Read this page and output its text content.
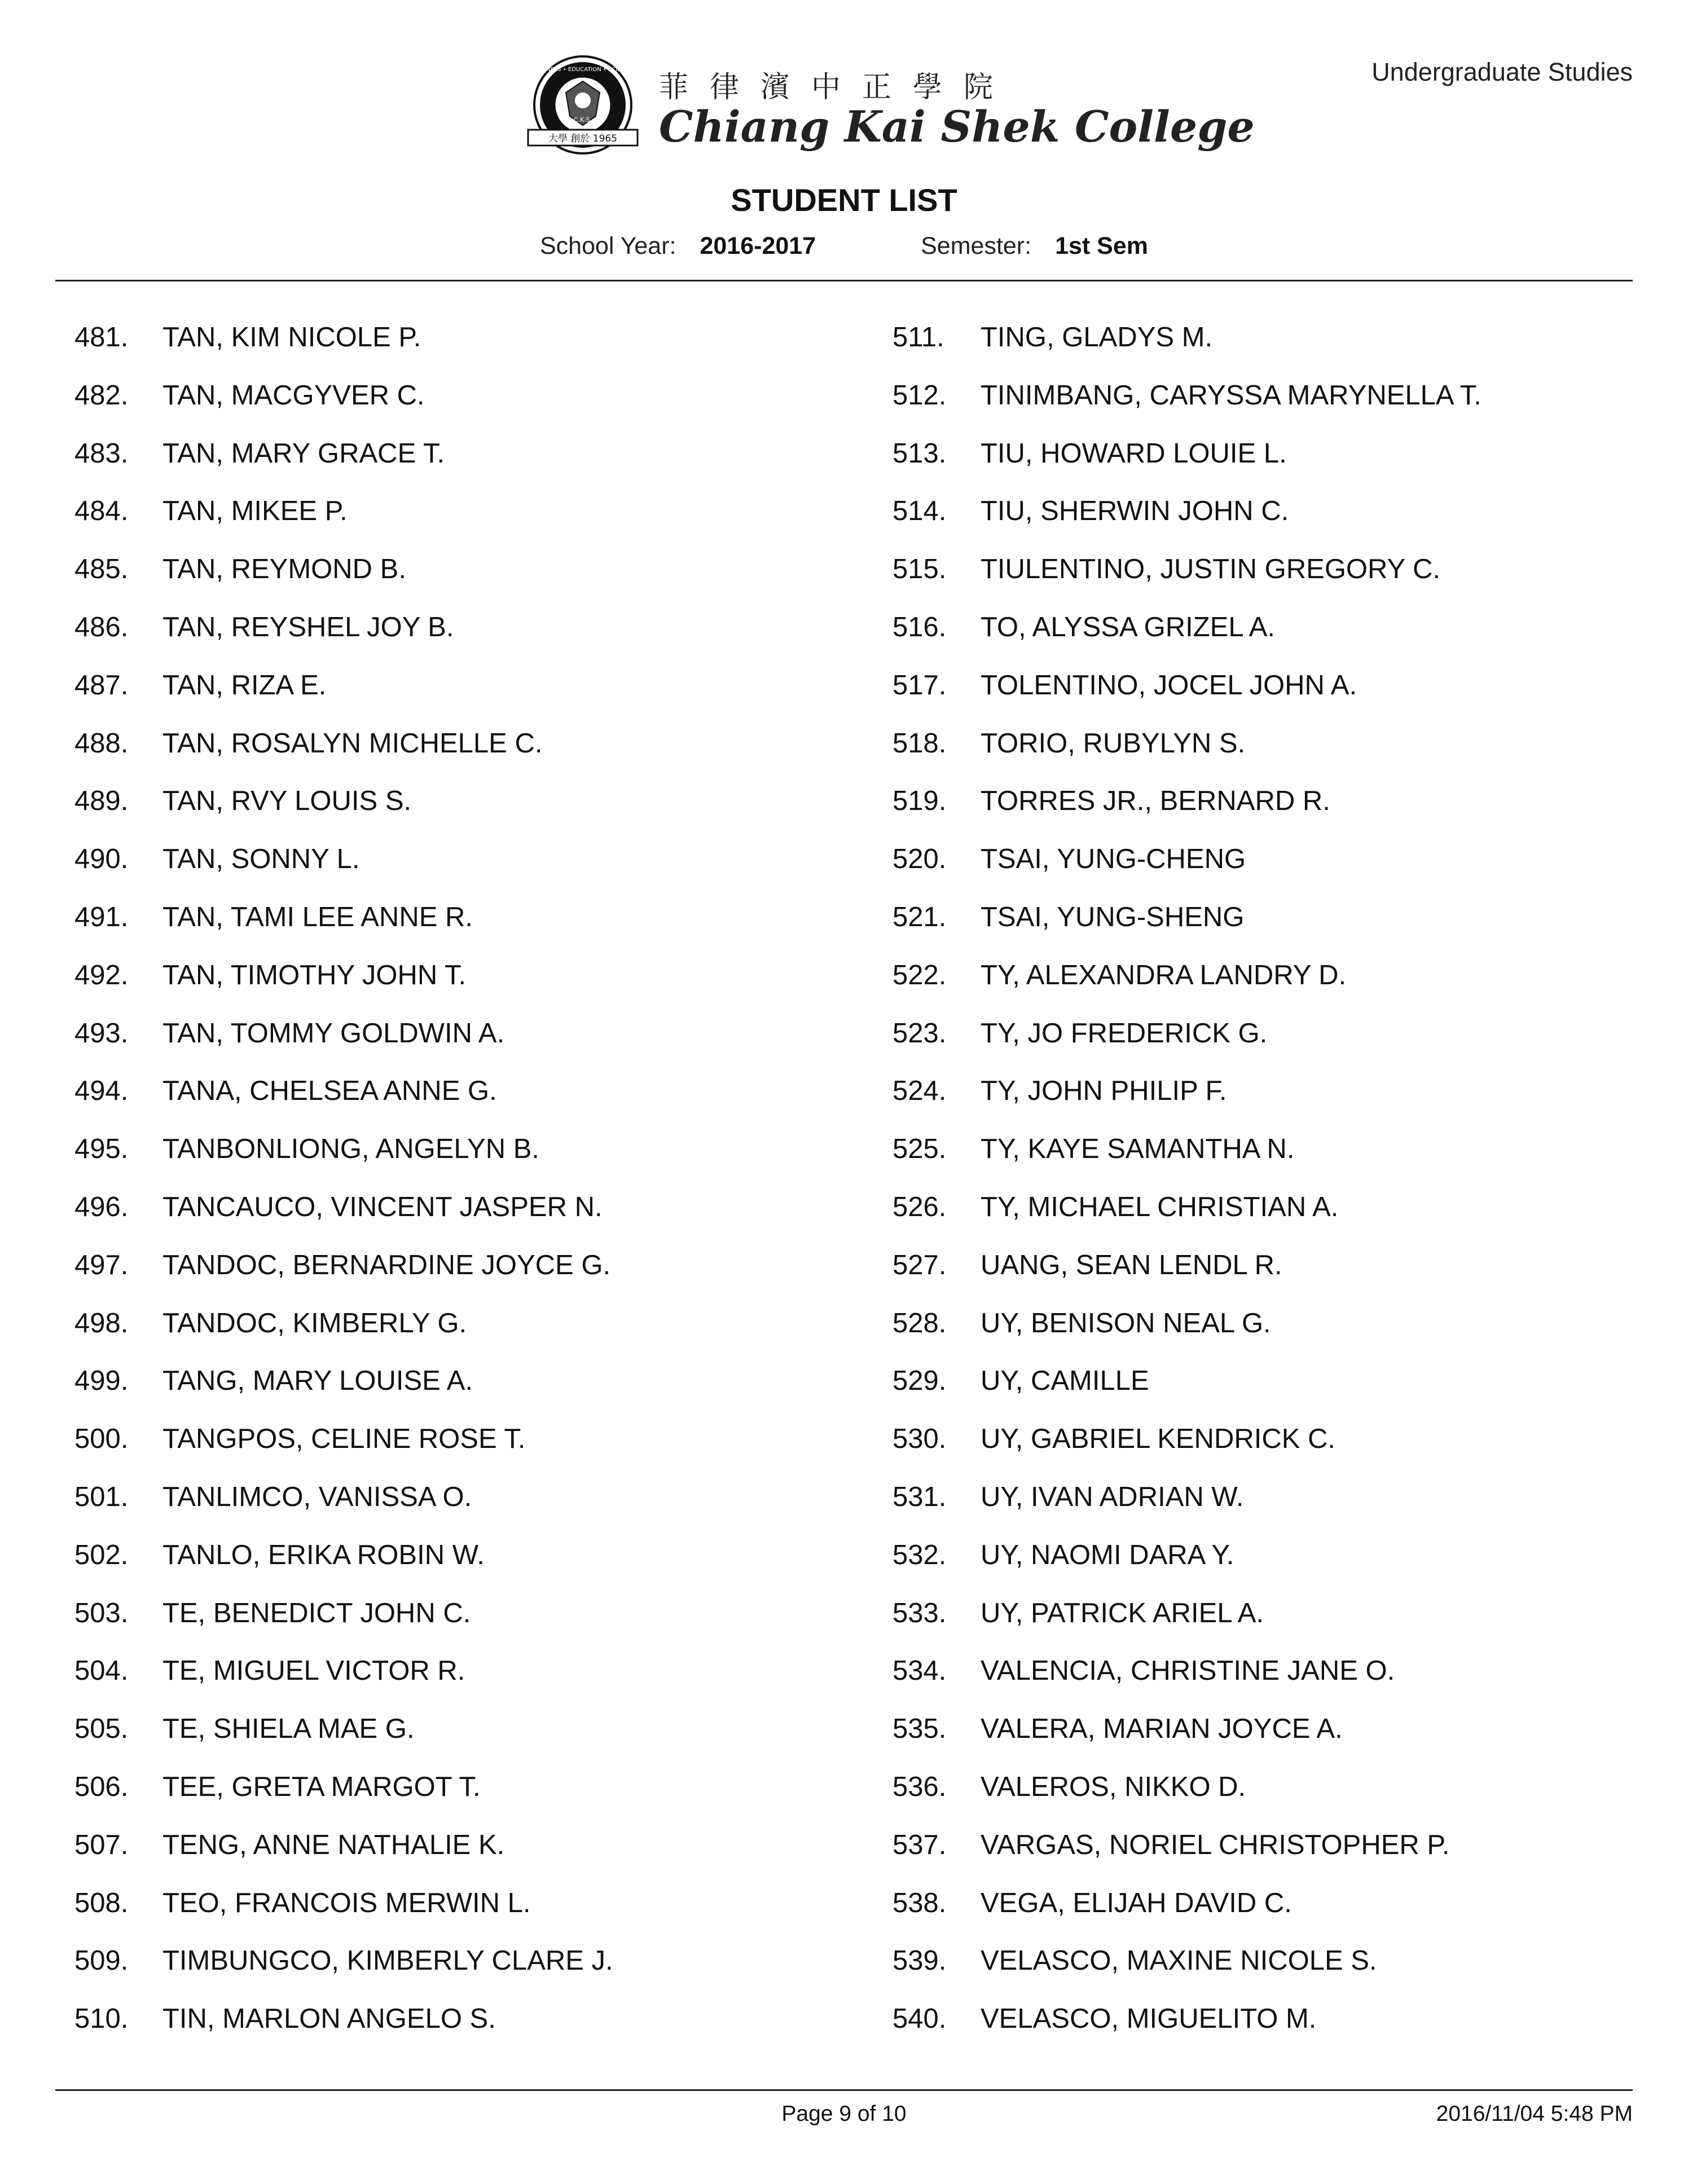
C.K.S.
BUSINESS • EDUCATION • SCIENCE
大學 創於 1965
菲律濱中正學院
Chiang Kai Shek College
Undergraduate Studies
STUDENT LIST
School Year: 2016-2017	Semester: 1st Sem
481.	TAN, KIM NICOLE P.
482.	TAN, MACGYVER C.
483.	TAN, MARY GRACE T.
484.	TAN, MIKEE P.
485.	TAN, REYMOND B.
486.	TAN, REYSHEL JOY B.
487.	TAN, RIZA E.
488.	TAN, ROSALYN MICHELLE C.
489.	TAN, RVY LOUIS S.
490.	TAN, SONNY L.
491.	TAN, TAMI LEE ANNE R.
492.	TAN, TIMOTHY JOHN T.
493.	TAN, TOMMY GOLDWIN A.
494.	TANA, CHELSEA ANNE G.
495.	TANBONLIONG, ANGELYN B.
496.	TANCAUCO, VINCENT JASPER N.
497.	TANDOC, BERNARDINE JOYCE G.
498.	TANDOC, KIMBERLY G.
499.	TANG, MARY LOUISE A.
500.	TANGPOS, CELINE ROSE T.
501.	TANLIMCO, VANISSA O.
502.	TANLO, ERIKA ROBIN W.
503.	TE, BENEDICT JOHN C.
504.	TE, MIGUEL VICTOR R.
505.	TE, SHIELA MAE G.
506.	TEE, GRETA MARGOT T.
507.	TENG, ANNE NATHALIE K.
508.	TEO, FRANCOIS MERWIN L.
509.	TIMBUNGCO, KIMBERLY CLARE J.
510.	TIN, MARLON ANGELO S.
511.	TING, GLADYS M.
512.	TINIMBANG, CARYSSA MARYNELLA T.
513.	TIU, HOWARD LOUIE L.
514.	TIU, SHERWIN JOHN C.
515.	TIULENTINO, JUSTIN GREGORY C.
516.	TO, ALYSSA GRIZEL A.
517.	TOLENTINO, JOCEL JOHN A.
518.	TORIO, RUBYLYN S.
519.	TORRES JR., BERNARD R.
520.	TSAI, YUNG-CHENG
521.	TSAI, YUNG-SHENG
522.	TY, ALEXANDRA LANDRY D.
523.	TY, JO FREDERICK G.
524.	TY, JOHN PHILIP F.
525.	TY, KAYE SAMANTHA N.
526.	TY, MICHAEL CHRISTIAN A.
527.	UANG, SEAN LENDL R.
528.	UY, BENISON NEAL G.
529.	UY, CAMILLE
530.	UY, GABRIEL KENDRICK C.
531.	UY, IVAN ADRIAN W.
532.	UY, NAOMI DARA Y.
533.	UY, PATRICK ARIEL A.
534.	VALENCIA, CHRISTINE JANE O.
535.	VALERA, MARIAN JOYCE A.
536.	VALEROS, NIKKO D.
537.	VARGAS, NORIEL CHRISTOPHER P.
538.	VEGA, ELIJAH DAVID C.
539.	VELASCO, MAXINE NICOLE S.
540.	VELASCO, MIGUELITO M.
Page 9 of 10	2016/11/04 5:48 PM
